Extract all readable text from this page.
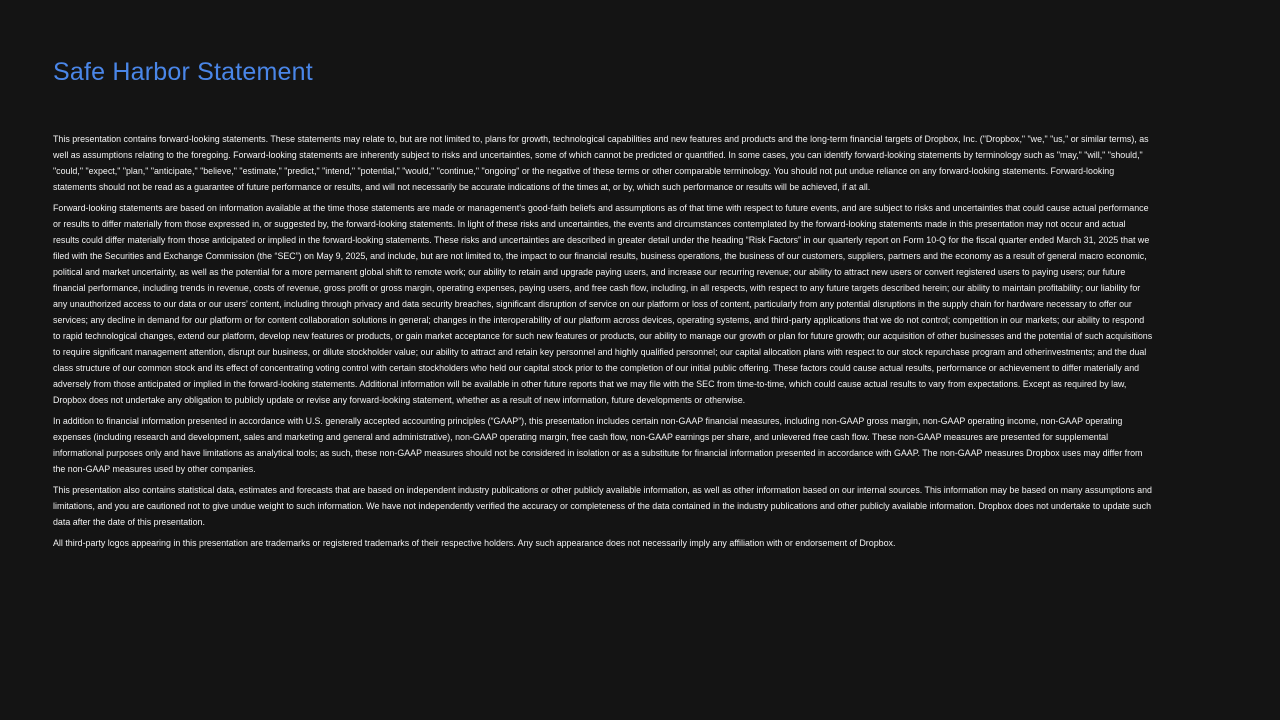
Safe Harbor Statement

This presentation contains forward-looking statements. These statements may relate to, but are not limited to, plans for growth, technological capabilities and new features and products and the long-term financial targets of Dropbox, Inc. ("Dropbox," "we," "us," or similar terms), as well as assumptions relating to the foregoing. Forward-looking statements are inherently subject to risks and uncertainties, some of which cannot be predicted or quantified. In some cases, you can identify forward-looking statements by terminology such as "may," "will," "should," "could," "expect," "plan," "anticipate," "believe," "estimate," "predict," "intend," "potential," "would," "continue," "ongoing" or the negative of these terms or other comparable terminology. You should not put undue reliance on any forward-looking statements. Forward-looking statements should not be read as a guarantee of future performance or results, and will not necessarily be accurate indications of the times at, or by, which such performance or results will be achieved, if at all.

Forward-looking statements are based on information available at the time those statements are made or management’s good-faith beliefs and assumptions as of that time with respect to future events, and are subject to risks and uncertainties that could cause actual performance or results to differ materially from those expressed in, or suggested by, the forward-looking statements. In light of these risks and uncertainties, the events and circumstances contemplated by the forward-looking statements made in this presentation may not occur and actual results could differ materially from those anticipated or implied in the forward-looking statements. These risks and uncertainties are described in greater detail under the heading “Risk Factors” in our quarterly report on Form 10-Q for the fiscal quarter ended March 31, 2025 that we filed with the Securities and Exchange Commission (the “SEC”) on May 9, 2025, and include, but are not limited to, the impact to our financial results, business operations, the business of our customers, suppliers, partners and the economy as a result of general macro economic, political and market uncertainty, as well as the potential for a more permanent global shift to remote work; our ability to retain and upgrade paying users, and increase our recurring revenue; our ability to attract new users or convert registered users to paying users; our future financial performance, including trends in revenue, costs of revenue, gross profit or gross margin, operating expenses, paying users, and free cash flow, including, in all respects, with respect to any future targets described herein; our ability to maintain profitability; our liability for any unauthorized access to our data or our users’ content, including through privacy and data security breaches, significant disruption of service on our platform or loss of content, particularly from any potential disruptions in the supply chain for hardware necessary to offer our services; any decline in demand for our platform or for content collaboration solutions in general; changes in the interoperability of our platform across devices, operating systems, and third-party applications that we do not control; competition in our markets; our ability to respond to rapid technological changes, extend our platform, develop new features or products, or gain market acceptance for such new features or products, our ability to manage our growth or plan for future growth; our acquisition of other businesses and the potential of such acquisitions to require significant management attention, disrupt our business, or dilute stockholder value; our ability to attract and retain key personnel and highly qualified personnel; our capital allocation plans with respect to our stock repurchase program and otherinvestments; and the dual class structure of our common stock and its effect of concentrating voting control with certain stockholders who held our capital stock prior to the completion of our initial public offering. These factors could cause actual results, performance or achievement to differ materially and adversely from those anticipated or implied in the forward-looking statements. Additional information will be available in other future reports that we may file with the SEC from time-to-time, which could cause actual results to vary from expectations. Except as required by law, Dropbox does not undertake any obligation to publicly update or revise any forward-looking statement, whether as a result of new information, future developments or otherwise.

In addition to financial information presented in accordance with U.S. generally accepted accounting principles (“GAAP”), this presentation includes certain non-GAAP financial measures, including non-GAAP gross margin, non-GAAP operating income, non-GAAP operating expenses (including research and development, sales and marketing and general and administrative), non-GAAP operating margin, free cash flow, non-GAAP earnings per share, and unlevered free cash flow. These non-GAAP measures are presented for supplemental informational purposes only and have limitations as analytical tools; as such, these non-GAAP measures should not be considered in isolation or as a substitute for financial information presented in accordance with GAAP. The non-GAAP measures Dropbox uses may differ from the non-GAAP measures used by other companies.

This presentation also contains statistical data, estimates and forecasts that are based on independent industry publications or other publicly available information, as well as other information based on our internal sources. This information may be based on many assumptions and limitations, and you are cautioned not to give undue weight to such information. We have not independently verified the accuracy or completeness of the data contained in the industry publications and other publicly available information. Dropbox does not undertake to update such data after the date of this presentation.

All third-party logos appearing in this presentation are trademarks or registered trademarks of their respective holders. Any such appearance does not necessarily imply any affiliation with or endorsement of Dropbox.
